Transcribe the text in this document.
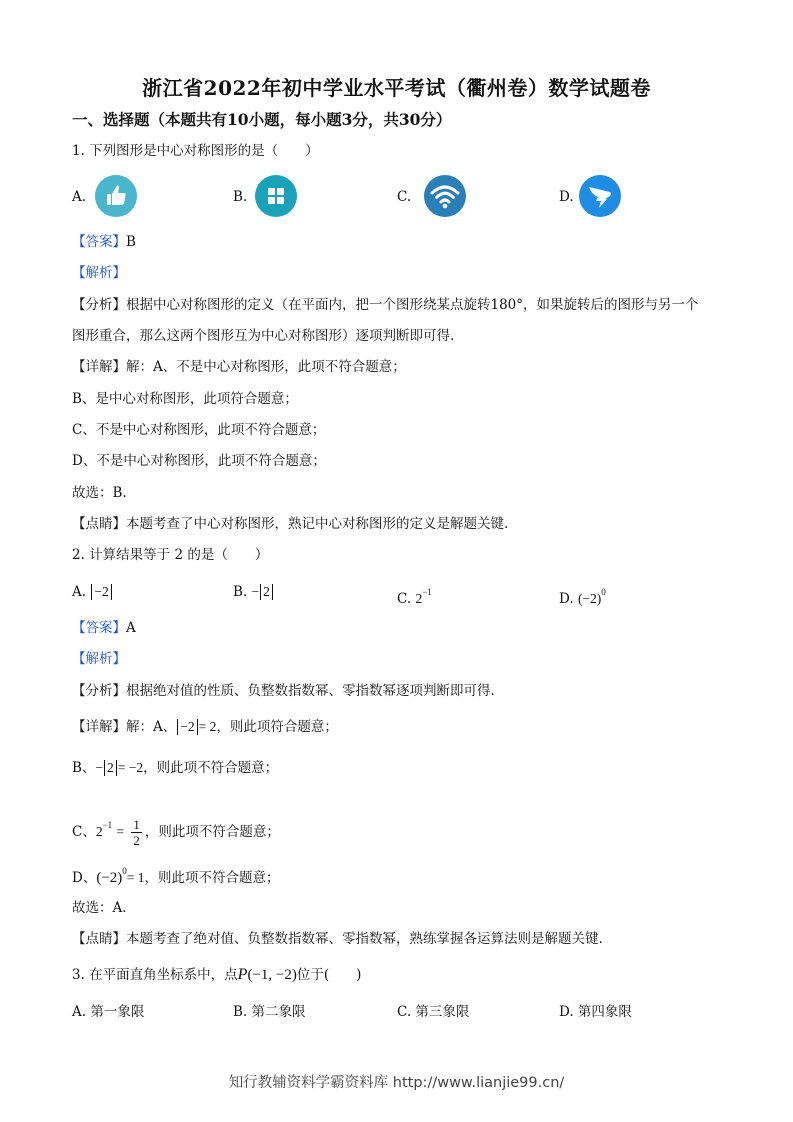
浙江省2022年初中学业水平考试（衢州卷）数学试题卷
一、选择题（本题共有10小题，每小题3分，共30分）
1. 下列图形是中心对称图形的是（　　）
A.	B.	C.	D.
【答案】B
【解析】
【分析】根据中心对称图形的定义（在平面内，把一个图形绕某点旋转180°，如果旋转后的图形与另一个
图形重合，那么这两个图形互为中心对称图形）逐项判断即可得.
【详解】解：A、不是中心对称图形，此项不符合题意；
B、是中心对称图形，此项符合题意；
C、不是中心对称图形，此项不符合题意；
D、不是中心对称图形，此项不符合题意；
故选：B.
【点睛】本题考查了中心对称图形，熟记中心对称图形的定义是解题关键.
2. 计算结果等于 2 的是（　　）
A. −2	B. − 2	C. $2^{-1}$	D. $(-2)^0$
【答案】A
【解析】
【分析】根据绝对值的性质、负整数指数幂、零指数幂逐项判断即可得.
【详解】解：A、 −2 = 2，则此项符合题意；
B、− 2 = −2，则此项不符合题意；
C、$2^{-1} = \frac{1}{2}$ ，则此项不符合题意；
D、$(-2)^0= 1$，则此项不符合题意；
故选：A.
【点睛】本题考查了绝对值、负整数指数幂、零指数幂，熟练掌握各运算法则是解题关键.
3. 在平面直角坐标系中，点P(−1, −2)位于(　　)
A. 第一象限	B. 第二象限	C. 第三象限	D. 第四象限
知行教辅资料学霸资料库 http://www.lianjie99.cn/
